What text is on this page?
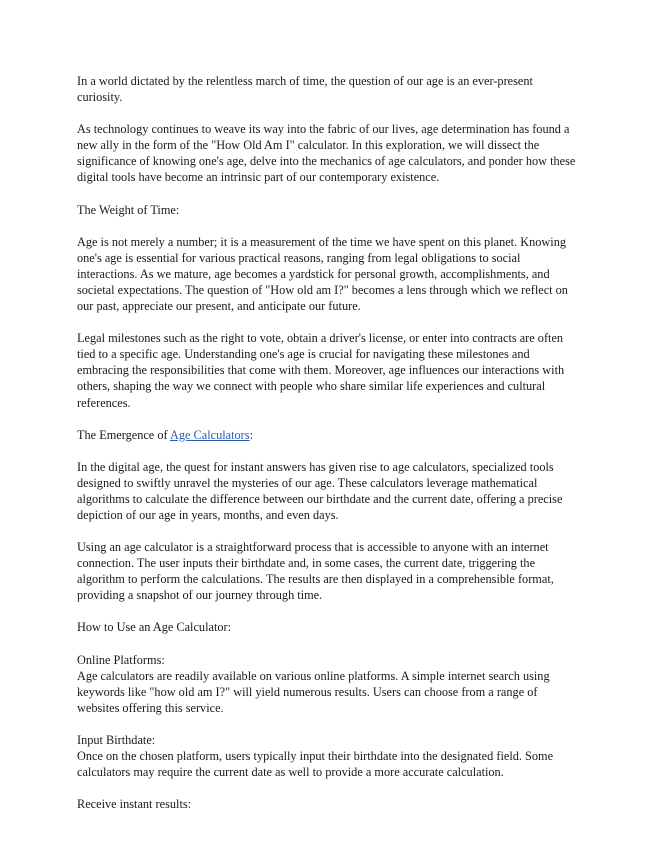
In a world dictated by the relentless march of time, the question of our age is an ever-present curiosity.

As technology continues to weave its way into the fabric of our lives, age determination has found a new ally in the form of the "How Old Am I" calculator. In this exploration, we will dissect the significance of knowing one's age, delve into the mechanics of age calculators, and ponder how these digital tools have become an intrinsic part of our contemporary existence.

The Weight of Time:

Age is not merely a number; it is a measurement of the time we have spent on this planet. Knowing one's age is essential for various practical reasons, ranging from legal obligations to social interactions. As we mature, age becomes a yardstick for personal growth, accomplishments, and societal expectations. The question of "How old am I?" becomes a lens through which we reflect on our past, appreciate our present, and anticipate our future.

Legal milestones such as the right to vote, obtain a driver's license, or enter into contracts are often tied to a specific age. Understanding one's age is crucial for navigating these milestones and embracing the responsibilities that come with them. Moreover, age influences our interactions with others, shaping the way we connect with people who share similar life experiences and cultural references.

The Emergence of Age Calculators:

In the digital age, the quest for instant answers has given rise to age calculators, specialized tools designed to swiftly unravel the mysteries of our age. These calculators leverage mathematical algorithms to calculate the difference between our birthdate and the current date, offering a precise depiction of our age in years, months, and even days.

Using an age calculator is a straightforward process that is accessible to anyone with an internet connection. The user inputs their birthdate and, in some cases, the current date, triggering the algorithm to perform the calculations. The results are then displayed in a comprehensible format, providing a snapshot of our journey through time.

How to Use an Age Calculator:

Online Platforms:

Age calculators are readily available on various online platforms. A simple internet search using keywords like "how old am I?" will yield numerous results. Users can choose from a range of websites offering this service.

Input Birthdate:

Once on the chosen platform, users typically input their birthdate into the designated field. Some calculators may require the current date as well to provide a more accurate calculation.

Receive instant results:
